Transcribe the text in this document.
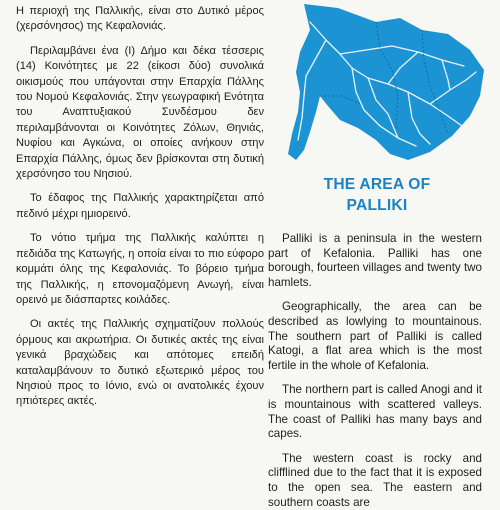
Η περιοχή της Παλλικής, είναι στο Δυτικό μέρος (χερσόνησος) της Κεφαλονιάς.

Περιλαμβάνει ένα (Ι) Δήμο και δέκα τέσσερις (14) Κοινότητες με 22 (είκοσι δύο) συνολικά οικισμούς που υπάγονται στην Επαρχία Πάλλης του Νομού Κεφαλονιάς. Στην γεωγραφική Ενότητα του Αναπτυξιακού Συνδέσμου δεν περιλαμβάνονται οι Κοινότητες Ζόλων, Θηνιάς, Νυφίου και Αγκώνα, οι οποίες ανήκουν στην Επαρχία Πάλλης, όμως δεν βρίσκονται στη δυτική χερσόνησο του Νησιού.

Το έδαφος της Παλλικής χαρακτηρίζεται από πεδινό μέχρι ημιορεινό.

Το νότιο τμήμα της Παλλικής καλύπτει η πεδιάδα της Κατωγής, η οποία είναι το πιο εύφορο κομμάτι όλης της Κεφαλονιάς. Το βόρειο τμήμα της Παλλικής, η επονομαζόμενη Ανωγή, είναι ορεινό με διάσπαρτες κοιλάδες.

Οι ακτές της Παλλικής σχηματίζουν πολλούς όρμους και ακρωτήρια. Οι δυτικές ακτές της είναι γενικά βραχώδεις και απότομες επειδή καταλαμβάνουν το δυτικό εξωτερικό μέρος του Νησιού προς το Ιόνιο, ενώ οι ανατολικές έχουν ηπιότερες ακτές.

THE AREA OF
PALLIKI

Palliki is a peninsula in the western part of Kefalonia. Palliki has one borough, fourteen villages and twenty two hamlets.

Geographically, the area can be described as lowlying to mountainous. The southern part of Palliki is called Katogi, a flat area which is the most fertile in the whole of Kefalonia.

The northern part is called Anogi and it is mountainous with scattered valleys. The coast of Palliki has many bays and capes.

The western coast is rocky and clifflined due to the fact that it is exposed to the open sea. The eastern and southern coasts are
